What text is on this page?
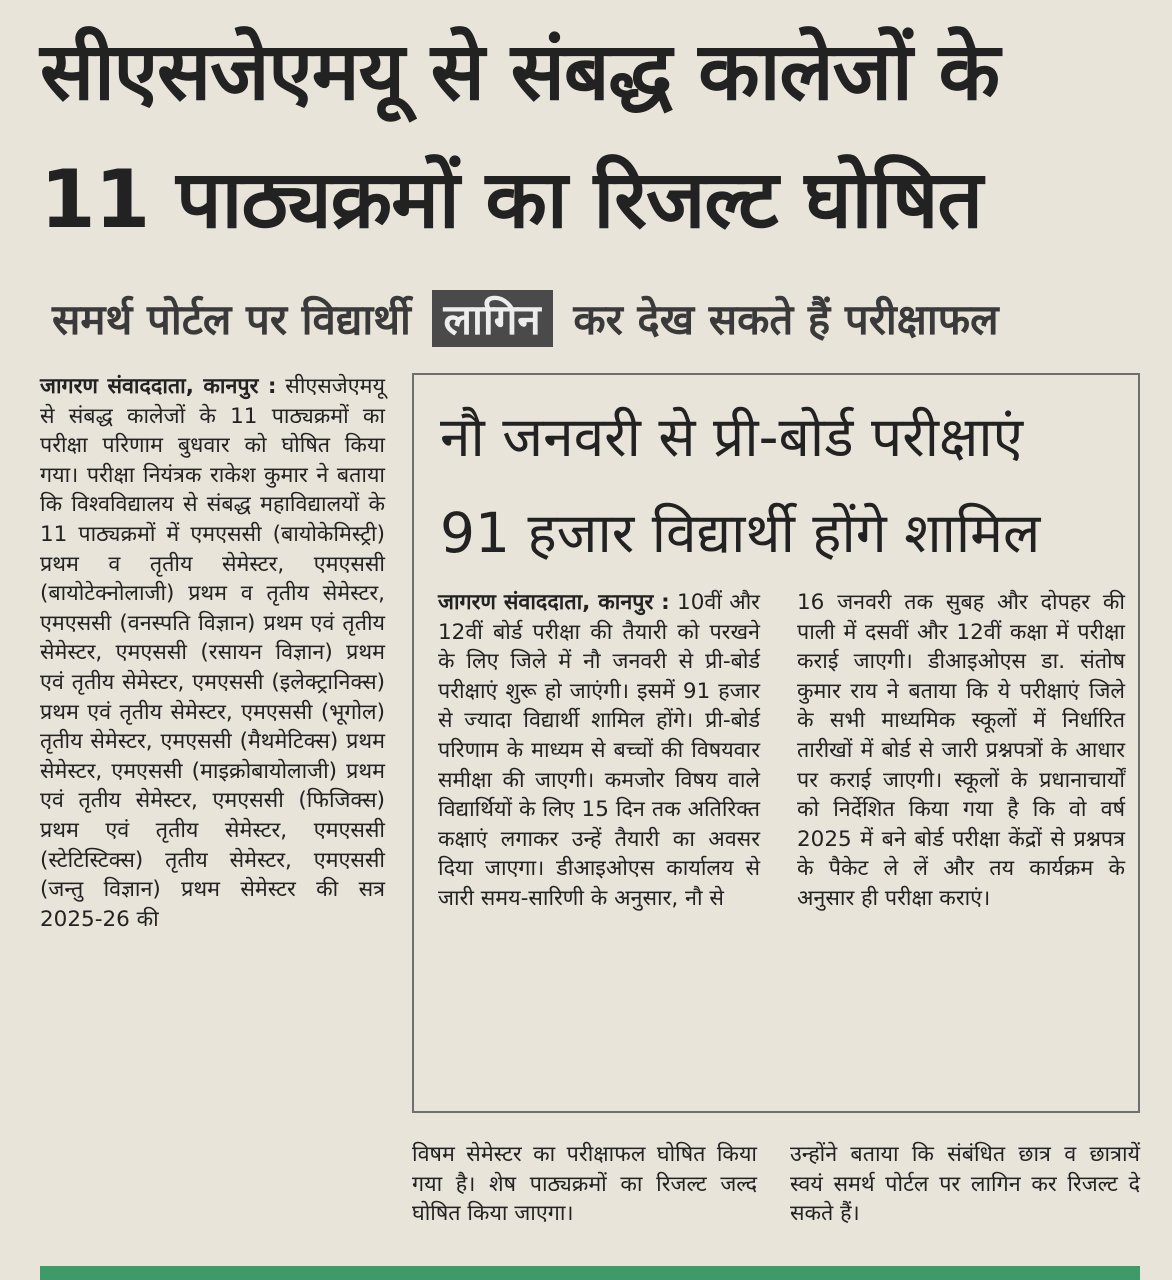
सीएसजेएमयू से संबद्ध कालेजों के
11 पाठ्यक्रमों का रिजल्ट घोषित
समर्थ पोर्टल पर विद्यार्थी लागिन कर देख सकते हैं परीक्षाफल
जागरण संवाददाता, कानपुर : सीएसजेएमयू से संबद्ध कालेजों के 11 पाठ्यक्रमों का परीक्षा परिणाम बुधवार को घोषित किया गया। परीक्षा नियंत्रक राकेश कुमार ने बताया कि विश्वविद्यालय से संबद्ध महाविद्यालयों के 11 पाठ्यक्रमों में एमएससी (बायोकेमिस्ट्री) प्रथम व तृतीय सेमेस्टर, एमएससी (बायोटेक्नोलाजी) प्रथम व तृतीय सेमेस्टर, एमएससी (वनस्पति विज्ञान) प्रथम एवं तृतीय सेमेस्टर, एमएससी (रसायन विज्ञान) प्रथम एवं तृतीय सेमेस्टर, एमएससी (इलेक्ट्रानिक्स) प्रथम एवं तृतीय सेमेस्टर, एमएससी (भूगोल) तृतीय सेमेस्टर, एमएससी (मैथमेटिक्स) प्रथम सेमेस्टर, एमएससी (माइक्रोबायोलाजी) प्रथम एवं तृतीय सेमेस्टर, एमएससी (फिजिक्स) प्रथम एवं तृतीय सेमेस्टर, एमएससी (स्टेटिस्टिक्स) तृतीय सेमेस्टर, एमएससी (जन्तु विज्ञान) प्रथम सेमेस्टर की सत्र 2025-26 की
नौ जनवरी से प्री-बोर्ड परीक्षाएं
91 हजार विद्यार्थी होंगे शामिल
जागरण संवाददाता, कानपुर : 10वीं और 12वीं बोर्ड परीक्षा की तैयारी को परखने के लिए जिले में नौ जनवरी से प्री-बोर्ड परीक्षाएं शुरू हो जाएंगी। इसमें 91 हजार से ज्यादा विद्यार्थी शामिल होंगे। प्री-बोर्ड परिणाम के माध्यम से बच्चों की विषयवार समीक्षा की जाएगी। कमजोर विषय वाले विद्यार्थियों के लिए 15 दिन तक अतिरिक्त कक्षाएं लगाकर उन्हें तैयारी का अवसर दिया जाएगा। डीआइओएस कार्यालय से जारी समय-सारिणी के अनुसार, नौ से
16 जनवरी तक सुबह और दोपहर की पाली में दसवीं और 12वीं कक्षा में परीक्षा कराई जाएगी। डीआइओएस डा. संतोष कुमार राय ने बताया कि ये परीक्षाएं जिले के सभी माध्यमिक स्कूलों में निर्धारित तारीखों में बोर्ड से जारी प्रश्नपत्रों के आधार पर कराई जाएगी। स्कूलों के प्रधानाचार्यों को निर्देशित किया गया है कि वो वर्ष 2025 में बने बोर्ड परीक्षा केंद्रों से प्रश्नपत्र के पैकेट ले लें और तय कार्यक्रम के अनुसार ही परीक्षा कराएं।
विषम सेमेस्टर का परीक्षाफल घोषित किया गया है। शेष पाठ्यक्रमों का रिजल्ट जल्द घोषित किया जाएगा।
उन्होंने बताया कि संबंधित छात्र व छात्रायें स्वयं समर्थ पोर्टल पर लागिन कर रिजल्ट दे सकते हैं।
